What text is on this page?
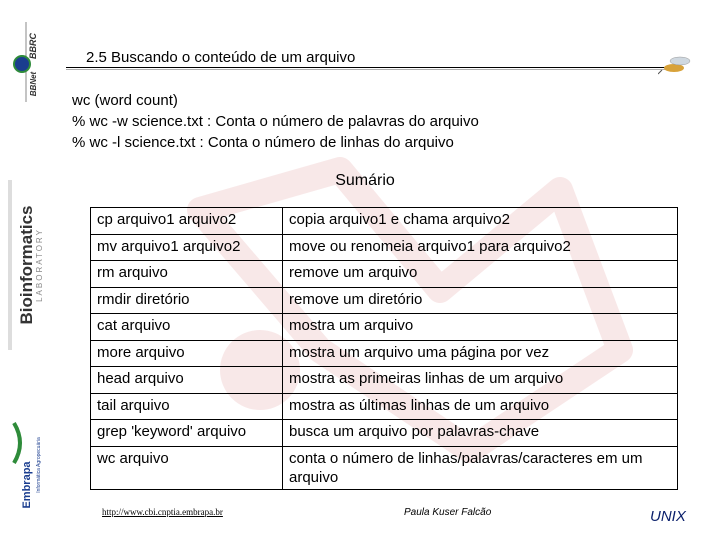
BBRC
BBNet
Bioinformatics LABORATORY
Embrapa Informática Agropecuária
2.5 Buscando o conteúdo de um arquivo
wc (word count)
% wc -w science.txt : Conta o número de palavras do arquivo
% wc -l science.txt : Conta o número de linhas do arquivo
Sumário
cp arquivo1 arquivo2	copia arquivo1 e chama arquivo2
mv arquivo1 arquivo2	move ou renomeia arquivo1 para arquivo2
rm arquivo	remove um arquivo
rmdir diretório	remove um diretório
cat arquivo	mostra um arquivo
more arquivo	mostra um arquivo uma página por vez
head arquivo	mostra as primeiras linhas de um arquivo
tail arquivo	mostra as últimas linhas de um arquivo
grep 'keyword' arquivo	busca um arquivo por palavras-chave
wc arquivo	conta o número de linhas/palavras/caracteres em um arquivo
http://www.cbi.cnptia.embrapa.br	Paula Kuser Falcão	UNIX
